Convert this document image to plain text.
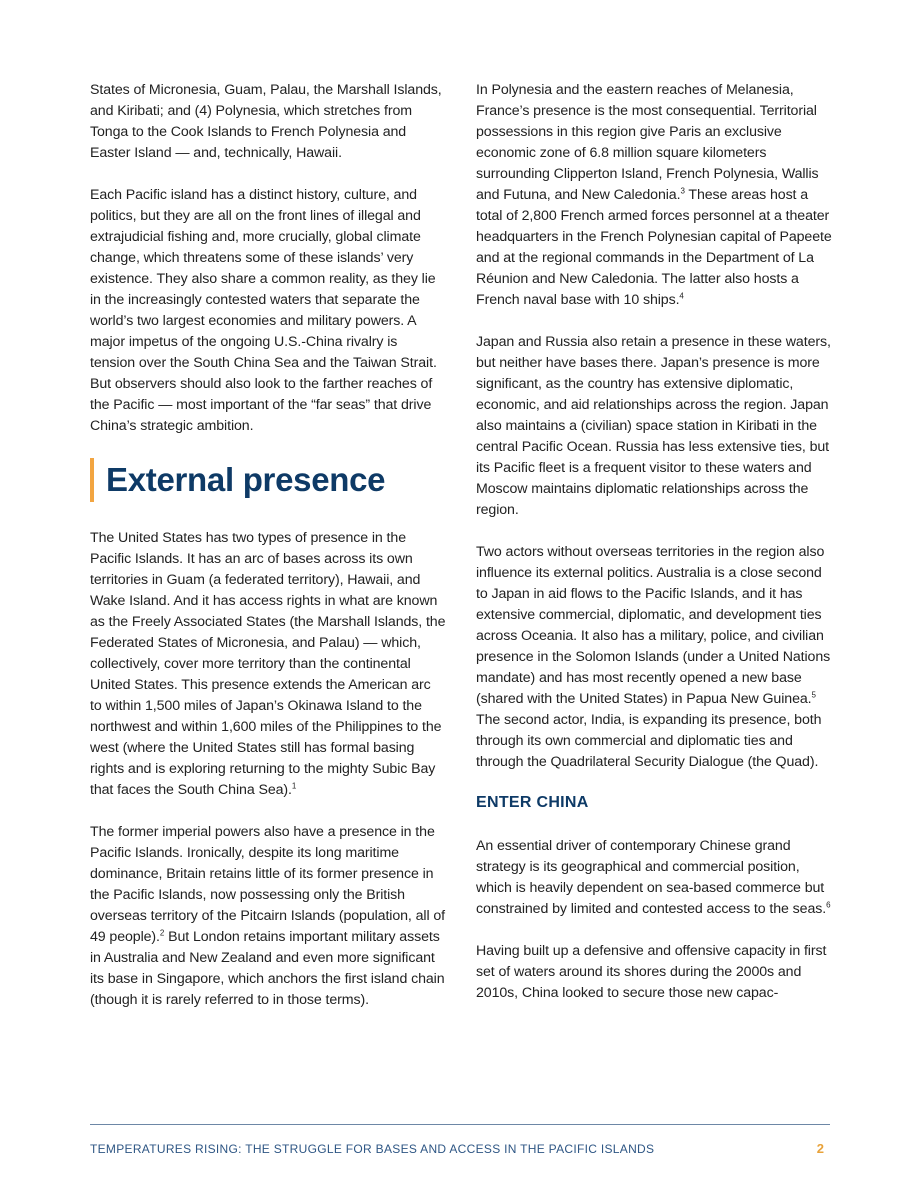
States of Micronesia, Guam, Palau, the Marshall Islands, and Kiribati; and (4) Polynesia, which stretches from Tonga to the Cook Islands to French Polynesia and Easter Island — and, technically, Hawaii.

Each Pacific island has a distinct history, culture, and politics, but they are all on the front lines of illegal and extrajudicial fishing and, more crucially, global climate change, which threatens some of these islands’ very existence. They also share a common reality, as they lie in the increasingly contested waters that separate the world’s two largest economies and military powers. A major impetus of the ongoing U.S.-China rivalry is tension over the South China Sea and the Taiwan Strait. But observers should also look to the farther reaches of the Pacific — most important of the “far seas” that drive China’s strategic ambition.

External presence

The United States has two types of presence in the Pacific Islands. It has an arc of bases across its own territories in Guam (a federated territory), Hawaii, and Wake Island. And it has access rights in what are known as the Freely Associated States (the Marshall Islands, the Federated States of Micronesia, and Palau) — which, collectively, cover more territory than the continental United States. This presence extends the American arc to within 1,500 miles of Japan’s Okinawa Island to the northwest and within 1,600 miles of the Philippines to the west (where the United States still has formal basing rights and is exploring returning to the mighty Subic Bay that faces the South China Sea).$^1$

The former imperial powers also have a presence in the Pacific Islands. Ironically, despite its long maritime dominance, Britain retains little of its former presence in the Pacific Islands, now possessing only the British overseas territory of the Pitcairn Islands (population, all of 49 people).$^2$ But London retains important military assets in Australia and New Zealand and even more significant its base in Singapore, which anchors the first island chain (though it is rarely referred to in those terms).

In Polynesia and the eastern reaches of Melanesia, France’s presence is the most consequential. Territorial possessions in this region give Paris an exclusive economic zone of 6.8 million square kilometers surrounding Clipperton Island, French Polynesia, Wallis and Futuna, and New Caledonia.$^3$ These areas host a total of 2,800 French armed forces personnel at a theater headquarters in the French Polynesian capital of Papeete and at the regional commands in the Department of La Réunion and New Caledonia. The latter also hosts a French naval base with 10 ships.$^4$

Japan and Russia also retain a presence in these waters, but neither have bases there. Japan’s presence is more significant, as the country has extensive diplomatic, economic, and aid relationships across the region. Japan also maintains a (civilian) space station in Kiribati in the central Pacific Ocean. Russia has less extensive ties, but its Pacific fleet is a frequent visitor to these waters and Moscow maintains diplomatic relationships across the region.

Two actors without overseas territories in the region also influence its external politics. Australia is a close second to Japan in aid flows to the Pacific Islands, and it has extensive commercial, diplomatic, and development ties across Oceania. It also has a military, police, and civilian presence in the Solomon Islands (under a United Nations mandate) and has most recently opened a new base (shared with the United States) in Papua New Guinea.$^5$ The second actor, India, is expanding its presence, both through its own commercial and diplomatic ties and through the Quadrilateral Security Dialogue (the Quad).

ENTER CHINA

An essential driver of contemporary Chinese grand strategy is its geographical and commercial position, which is heavily dependent on sea-based commerce but constrained by limited and contested access to the seas.$^6$

Having built up a defensive and offensive capacity in first set of waters around its shores during the 2000s and 2010s, China looked to secure those new capac-

TEMPERATURES RISING: THE STRUGGLE FOR BASES AND ACCESS IN THE PACIFIC ISLANDS	2
